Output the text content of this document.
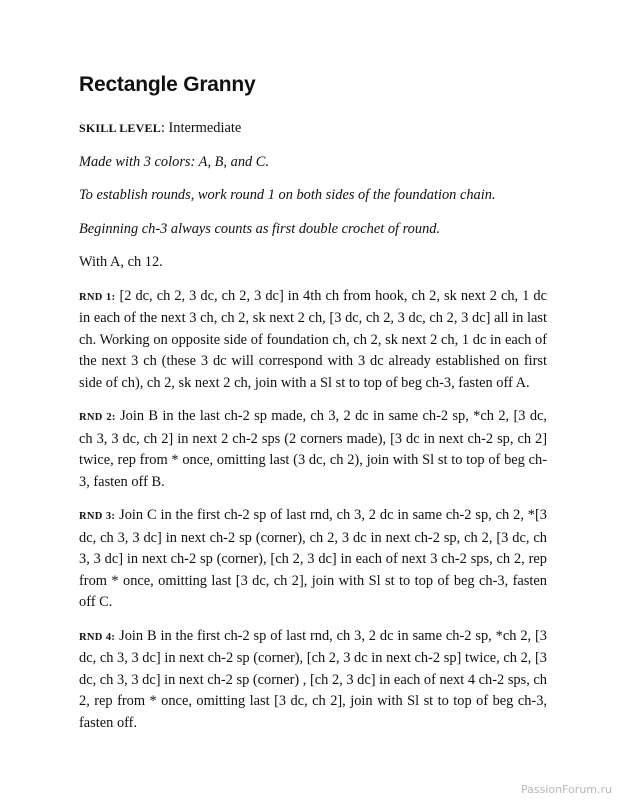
Rectangle Granny

SKILL LEVEL: Intermediate

Made with 3 colors: A, B, and C.

To establish rounds, work round 1 on both sides of the foundation chain.

Beginning ch-3 always counts as first double crochet of round.

With A, ch 12.

RND 1: [2 dc, ch 2, 3 dc, ch 2, 3 dc] in 4th ch from hook, ch 2, sk next 2 ch, 1 dc in each of the next 3 ch, ch 2, sk next 2 ch, [3 dc, ch 2, 3 dc, ch 2, 3 dc] all in last ch. Working on opposite side of foundation ch, ch 2, sk next 2 ch, 1 dc in each of the next 3 ch (these 3 dc will correspond with 3 dc already established on first side of ch), ch 2, sk next 2 ch, join with a Sl st to top of beg ch-3, fasten off A.

RND 2: Join B in the last ch-2 sp made, ch 3, 2 dc in same ch-2 sp, *ch 2, [3 dc, ch 3, 3 dc, ch 2] in next 2 ch-2 sps (2 corners made), [3 dc in next ch-2 sp, ch 2] twice, rep from * once, omitting last (3 dc, ch 2), join with Sl st to top of beg ch-3, fasten off B.

RND 3: Join C in the first ch-2 sp of last rnd, ch 3, 2 dc in same ch-2 sp, ch 2, *[3 dc, ch 3, 3 dc] in next ch-2 sp (corner), ch 2, 3 dc in next ch-2 sp, ch 2, [3 dc, ch 3, 3 dc] in next ch-2 sp (corner), [ch 2, 3 dc] in each of next 3 ch-2 sps, ch 2, rep from * once, omitting last [3 dc, ch 2], join with Sl st to top of beg ch-3, fasten off C.

RND 4: Join B in the first ch-2 sp of last rnd, ch 3, 2 dc in same ch-2 sp, *ch 2, [3 dc, ch 3, 3 dc] in next ch-2 sp (corner), [ch 2, 3 dc in next ch-2 sp] twice, ch 2, [3 dc, ch 3, 3 dc] in next ch-2 sp (corner) , [ch 2, 3 dc] in each of next 4 ch-2 sps, ch 2, rep from * once, omitting last [3 dc, ch 2], join with Sl st to top of beg ch-3, fasten off.

PassionForum.ru
